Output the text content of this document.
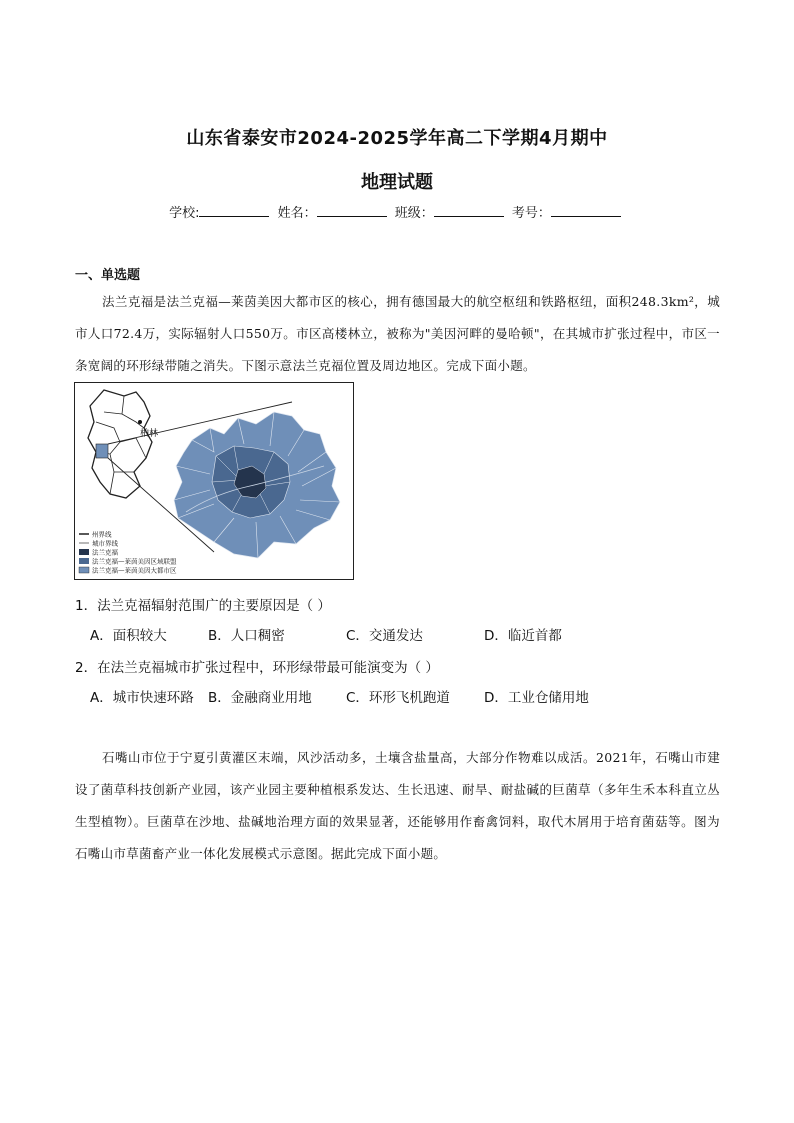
山东省泰安市2024-2025学年高二下学期4月期中
地理试题
学校:	姓名：	班级：	考号：
一、单选题
法兰克福是法兰克福—莱茵美因大都市区的核心，拥有德国最大的航空枢纽和铁路枢纽，面积248.3km²，城市人口72.4万，实际辐射人口550万。市区高楼林立，被称为"美因河畔的曼哈顿"，在其城市扩张过程中，市区一条宽阔的环形绿带随之消失。下图示意法兰克福位置及周边地区。完成下面小题。
柏林
州界线
城市界线
法兰克福
法兰克福—莱茵美因区域联盟
法兰克福—莱茵美因大都市区
1．法兰克福辐射范围广的主要原因是（ ）
A．面积较大	B．人口稠密	C．交通发达	D．临近首都
2．在法兰克福城市扩张过程中，环形绿带最可能演变为（ ）
A．城市快速环路 B．金融商业用地	C．环形飞机跑道	D．工业仓储用地
石嘴山市位于宁夏引黄灌区末端，风沙活动多，土壤含盐量高，大部分作物难以成活。2021年，石嘴山市建设了菌草科技创新产业园，该产业园主要种植根系发达、生长迅速、耐旱、耐盐碱的巨菌草（多年生禾本科直立丛生型植物）。巨菌草在沙地、盐碱地治理方面的效果显著，还能够用作畜禽饲料，取代木屑用于培育菌菇等。图为石嘴山市草菌畜产业一体化发展模式示意图。据此完成下面小题。
